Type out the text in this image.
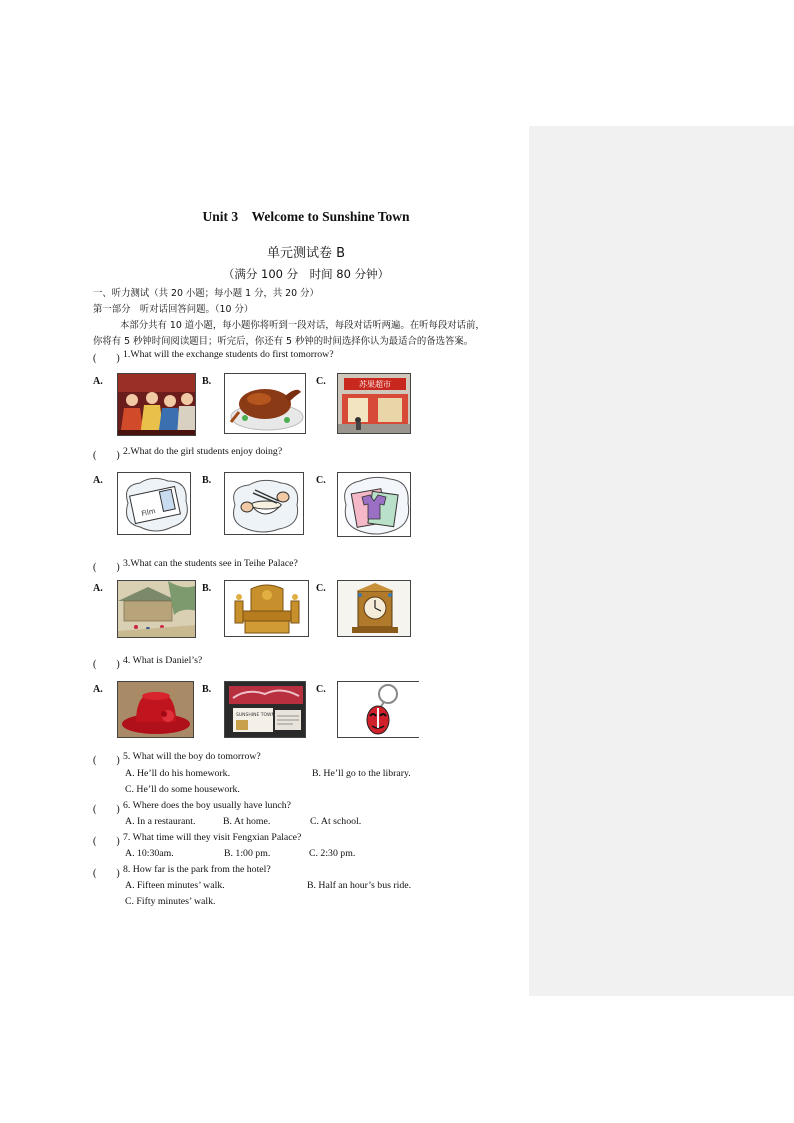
Unit 3    Welcome to Sunshine Town
单元测试卷 B
（满分 100 分　时间 80 分钟）
一、听力测试（共 20 小题；每小题 1 分，共 20 分）
第一部分　听对话回答问题。（10 分）
本部分共有 10 道小题，每小题你将听到一段对话，每段对话听两遍。在听每段对话前，
你将有 5 秒钟时间阅读题目；听完后，你还有 5 秒钟的时间选择你认为最适合的备选答案。
(　　) 1.What will the exchange students do first tomorrow?
A.	B.	C.	苏果超市
(　　) 2.What do the girl students enjoy doing?
A.
Film
B.	C.
(　　) 3.What can the students see in Teihe Palace?
A.	B.	C.
(　　) 4. What is Daniel’s?
A.	B.
SUNSHINE TOWN
C.
(　　) 5. What will the boy do tomorrow?
A. He’ll do his homework.	B. He’ll go to the library.
C. He’ll do some housework.
(　　) 6. Where does the boy usually have lunch?
A. In a restaurant.	B. At home.	C. At school.
(　　) 7. What time will they visit Fengxian Palace?
A. 10:30am.	B. 1:00 pm.	C. 2:30 pm.
(　　) 8. How far is the park from the hotel?
A. Fifteen minutes’ walk.	B. Half an hour’s bus ride.
C. Fifty minutes’ walk.
